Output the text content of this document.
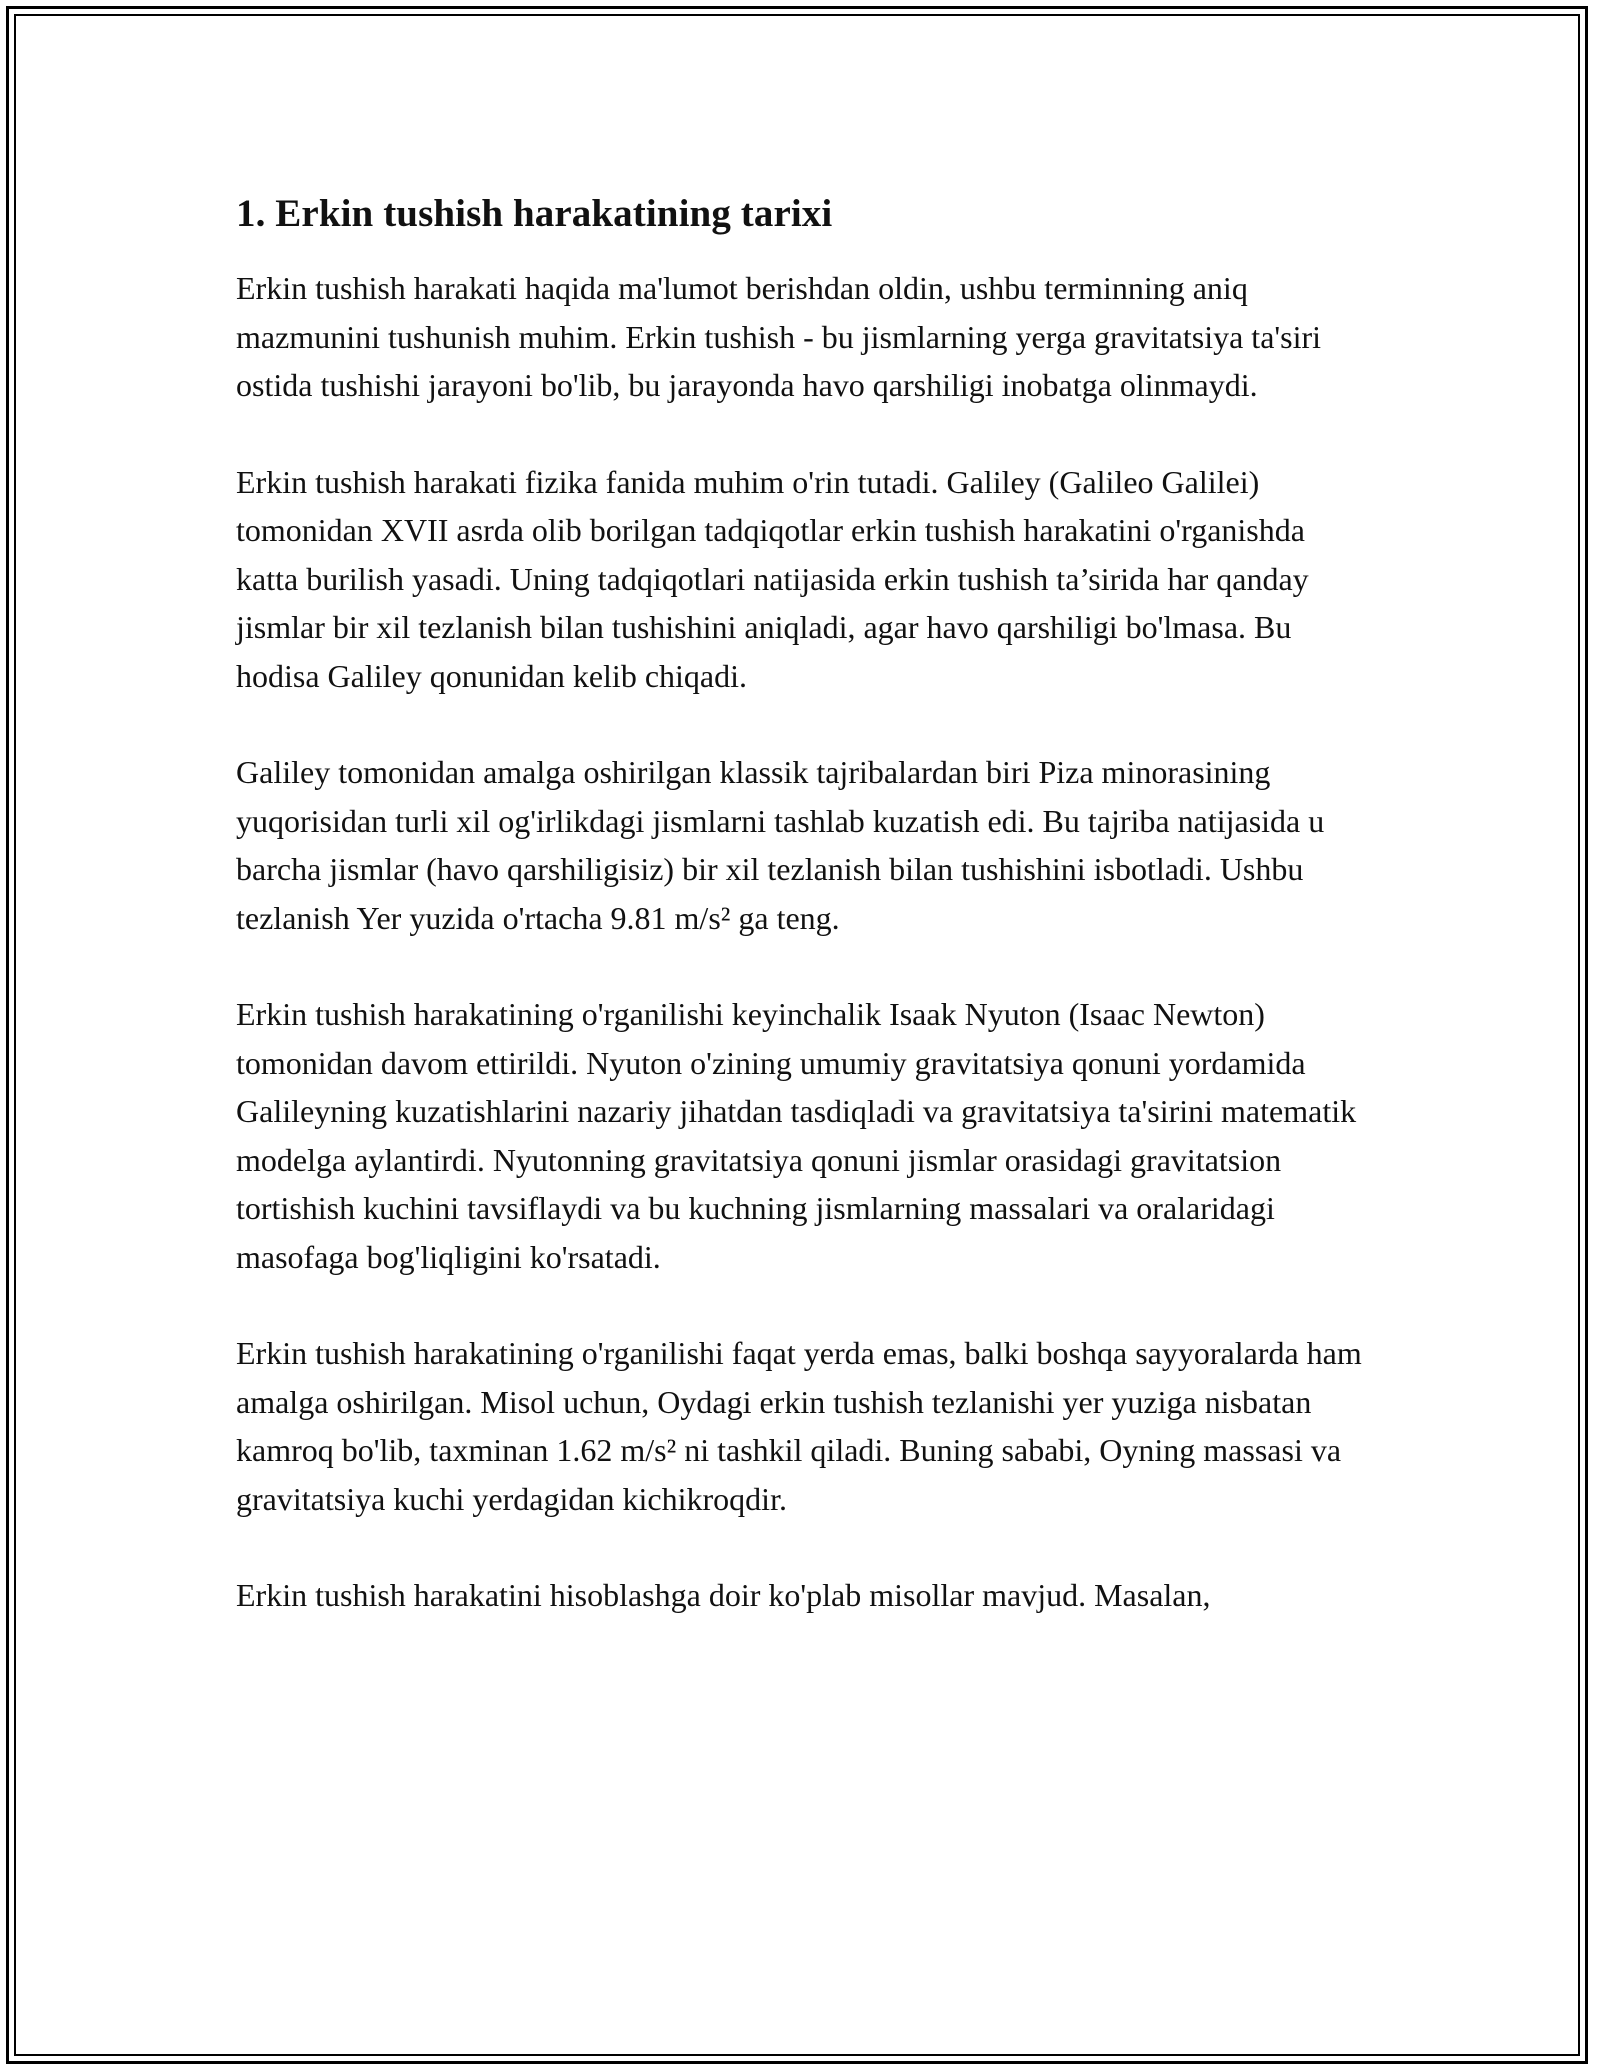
1. Erkin tushish harakatining tarixi

Erkin tushish harakati haqida ma'lumot berishdan oldin, ushbu terminning aniq mazmunini tushunish muhim. Erkin tushish - bu jismlarning yerga gravitatsiya ta'siri ostida tushishi jarayoni bo'lib, bu jarayonda havo qarshiligi inobatga olinmaydi.

Erkin tushish harakati fizika fanida muhim o'rin tutadi. Galiley (Galileo Galilei) tomonidan XVII asrda olib borilgan tadqiqotlar erkin tushish harakatini o'rganishda katta burilish yasadi. Uning tadqiqotlari natijasida erkin tushish ta’sirida har qanday jismlar bir xil tezlanish bilan tushishini aniqladi, agar havo qarshiligi bo'lmasa. Bu hodisa Galiley qonunidan kelib chiqadi.

Galiley tomonidan amalga oshirilgan klassik tajribalardan biri Piza minorasining yuqorisidan turli xil og'irlikdagi jismlarni tashlab kuzatish edi. Bu tajriba natijasida u barcha jismlar (havo qarshiligisiz) bir xil tezlanish bilan tushishini isbotladi. Ushbu tezlanish Yer yuzida o'rtacha 9.81 m/s² ga teng.

Erkin tushish harakatining o'rganilishi keyinchalik Isaak Nyuton (Isaac Newton) tomonidan davom ettirildi. Nyuton o'zining umumiy gravitatsiya qonuni yordamida Galileyning kuzatishlarini nazariy jihatdan tasdiqladi va gravitatsiya ta'sirini matematik modelga aylantirdi. Nyutonning gravitatsiya qonuni jismlar orasidagi gravitatsion tortishish kuchini tavsiflaydi va bu kuchning jismlarning massalari va oralaridagi masofaga bog'liqligini ko'rsatadi.

Erkin tushish harakatining o'rganilishi faqat yerda emas, balki boshqa sayyoralarda ham amalga oshirilgan. Misol uchun, Oydagi erkin tushish tezlanishi yer yuziga nisbatan kamroq bo'lib, taxminan 1.62 m/s² ni tashkil qiladi. Buning sababi, Oyning massasi va gravitatsiya kuchi yerdagidan kichikroqdir.

Erkin tushish harakatini hisoblashga doir ko'plab misollar mavjud. Masalan,
